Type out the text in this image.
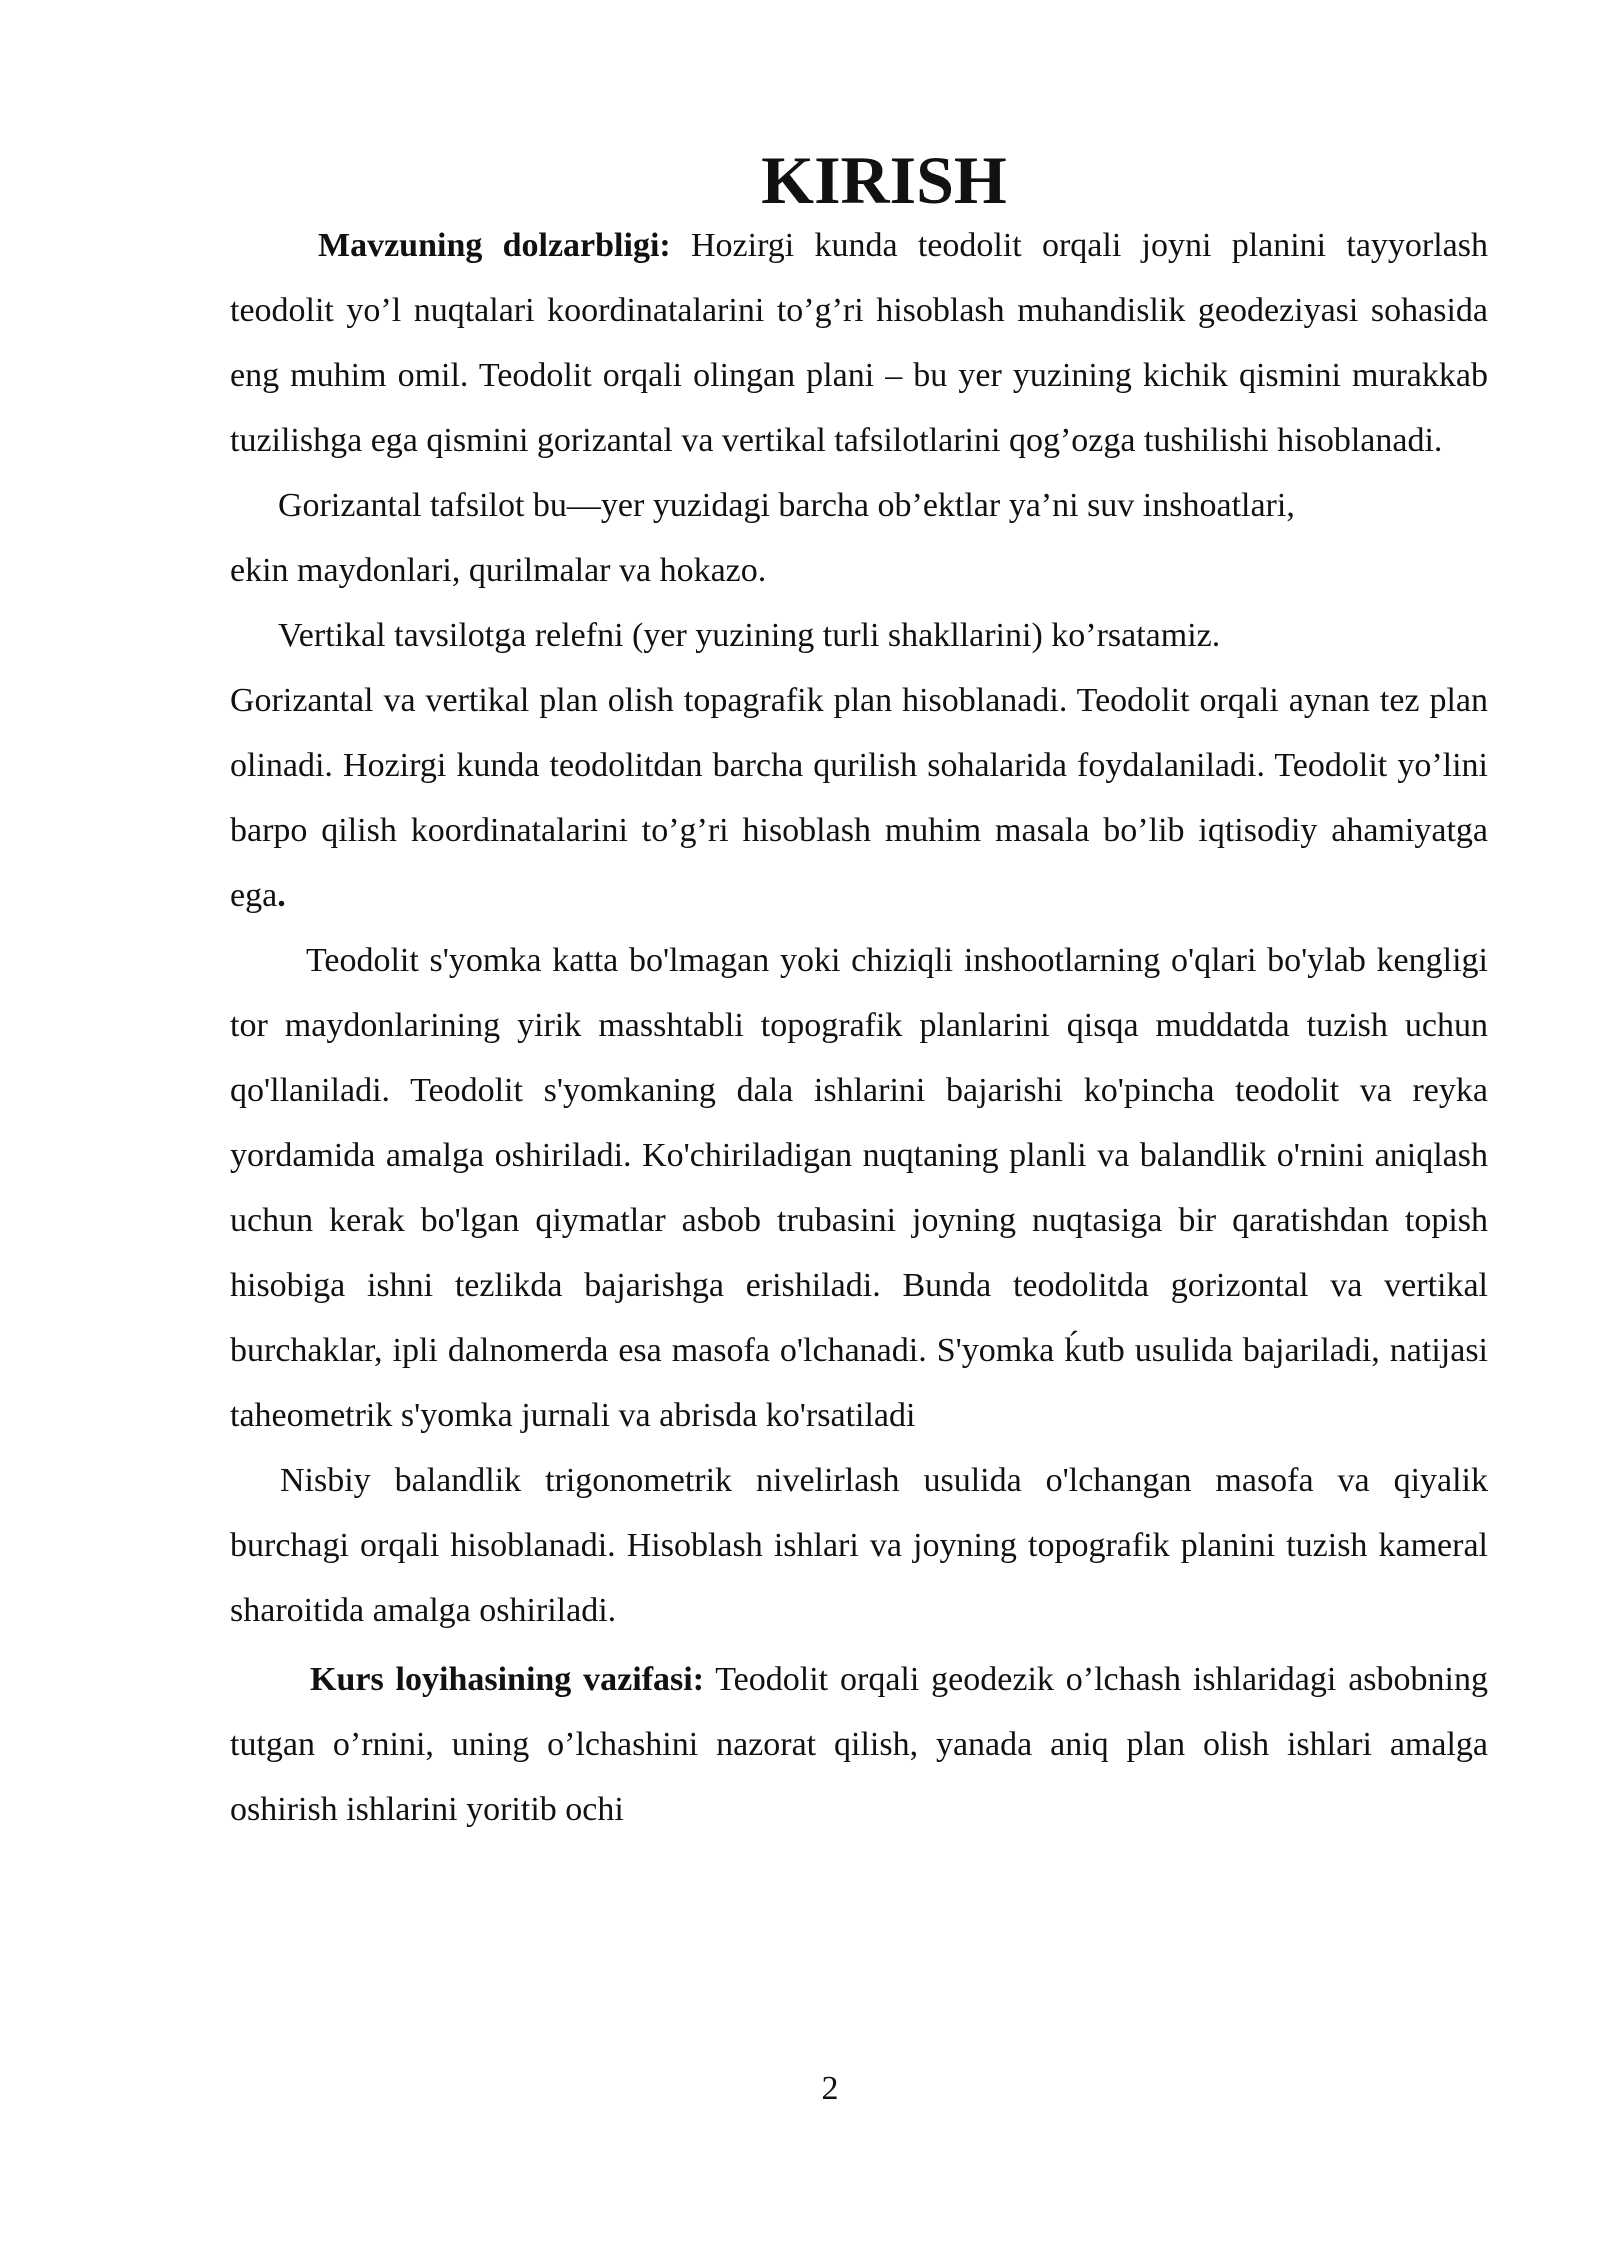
KIRISH

Mavzuning dolzarbligi: Hozirgi kunda teodolit orqali joyni planini tayyorlash teodolit yo’l nuqtalari koordinatalarini to’g’ri hisoblash muhandislik geodeziyasi sohasida eng muhim omil. Teodolit orqali olingan plani – bu yer yuzining kichik qismini murakkab tuzilishga ega qismini gorizantal va vertikal tafsilotlarini qog’ozga tushilishi hisoblanadi.

Gorizantal tafsilot bu—yer yuzidagi barcha ob’ektlar ya’ni suv inshoatlari,

ekin maydonlari, qurilmalar va hokazo.

Vertikal tavsilotga relefni (yer yuzining turli shakllarini) ko’rsatamiz.

Gorizantal va vertikal plan olish topagrafik plan hisoblanadi. Teodolit orqali aynan tez plan olinadi. Hozirgi kunda teodolitdan barcha qurilish sohalarida foydalaniladi. Teodolit yo’lini barpo qilish koordinatalarini to’g’ri hisoblash muhim masala bo’lib iqtisodiy ahamiyatga ega.

Teodolit s'yomka katta bo'lmagan yoki chiziqli inshootlarning o'qlari bo'ylab kengligi tor maydonlarining yirik masshtabli topografik planlarini qisqa muddatda tuzish uchun qo'llaniladi. Teodolit s'yomkaning dala ishlarini bajarishi ko'pincha teodolit va reyka yordamida amalga oshiriladi. Ko'chiriladigan nuqtaning planli va balandlik o'rnini aniqlash uchun kerak bo'lgan qiymatlar asbob trubasini joyning nuqtasiga bir qaratishdan topish hisobiga ishni tezlikda bajarishga erishiladi. Bunda teodolitda gorizontal va vertikal burchaklar, ipli dalnomerda esa masofa o'lchanadi. S'yomka ḱutb usulida bajariladi, natijasi taheometrik s'yomka jurnali va abrisda ko'rsatiladi

Nisbiy balandlik trigonometrik nivelirlash usulida o'lchangan masofa va qiyalik burchagi orqali hisoblanadi. Hisoblash ishlari va joyning topografik planini tuzish kameral sharoitida amalga oshiriladi.

Kurs loyihasining vazifasi: Teodolit orqali geodezik o’lchash ishlaridagi asbobning tutgan o’rnini, uning o’lchashini nazorat qilish, yanada aniq plan olish ishlari amalga oshirish ishlarini yoritib ochi

2
